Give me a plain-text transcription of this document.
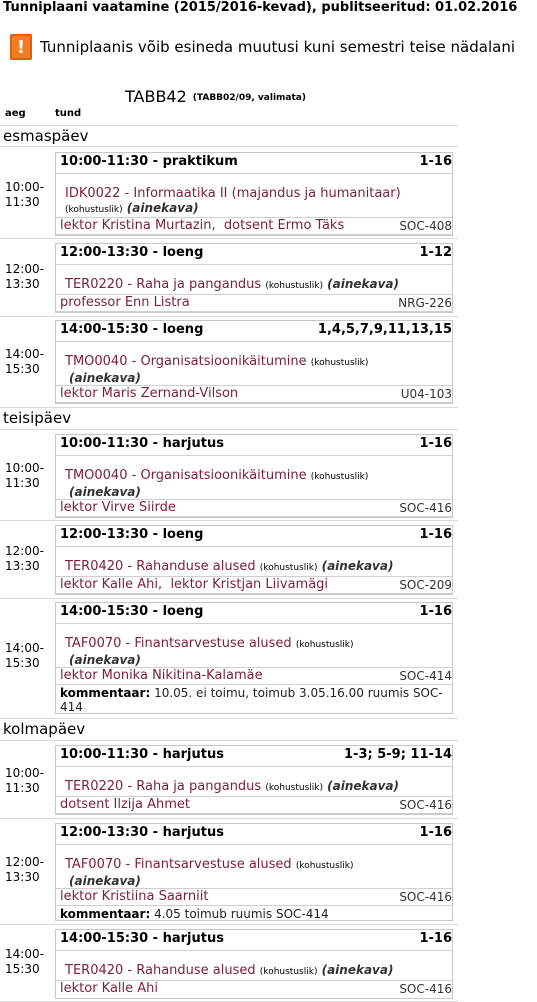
Tunniplaani vaatamine (2015/2016-kevad), publitseeritud: 01.02.2016
! Tunniplaanis võib esineda muutusi kuni semestri teise nädalani
TABB42 (TABB02/09, valimata)
aeg	tund
esmaspäev
10:00-
11:30
10:00-11:30 - praktikum	1-16
IDK0022 - Informaatika II (majandus ja humanitaar) (kohustuslik) (ainekava)
lektor Kristina Murtazin,  dotsent Ermo Täks	SOC-408
12:00-
13:30
12:00-13:30 - loeng	1-12
TER0220 - Raha ja pangandus (kohustuslik) (ainekava)
professor Enn Listra	NRG-226
14:00-
15:30
14:00-15:30 - loeng	1,4,5,7,9,11,13,15
TMO0040 - Organisatsioonikäitumine (kohustuslik)
(ainekava)
lektor Maris Zernand-Vilson	U04-103
teisipäev
10:00-
11:30
10:00-11:30 - harjutus	1-16
TMO0040 - Organisatsioonikäitumine (kohustuslik)
(ainekava)
lektor Virve Siirde	SOC-416
12:00-
13:30
12:00-13:30 - loeng	1-16
TER0420 - Rahanduse alused (kohustuslik) (ainekava)
lektor Kalle Ahi,  lektor Kristjan Liivamägi	SOC-209
14:00-
15:30
14:00-15:30 - loeng	1-16
TAF0070 - Finantsarvestuse alused (kohustuslik)
(ainekava)
lektor Monika Nikitina-Kalamäe	SOC-414
kommentaar: 10.05. ei toimu, toimub 3.05.16.00 ruumis SOC-414
kolmapäev
10:00-
11:30
10:00-11:30 - harjutus	1-3; 5-9; 11-14
TER0220 - Raha ja pangandus (kohustuslik) (ainekava)
dotsent Ilzija Ahmet	SOC-416
12:00-
13:30
12:00-13:30 - harjutus	1-16
TAF0070 - Finantsarvestuse alused (kohustuslik)
(ainekava)
lektor Kristiina Saarniit	SOC-416
kommentaar: 4.05 toimub ruumis SOC-414
14:00-
15:30
14:00-15:30 - harjutus	1-16
TER0420 - Rahanduse alused (kohustuslik) (ainekava)
lektor Kalle Ahi	SOC-416
